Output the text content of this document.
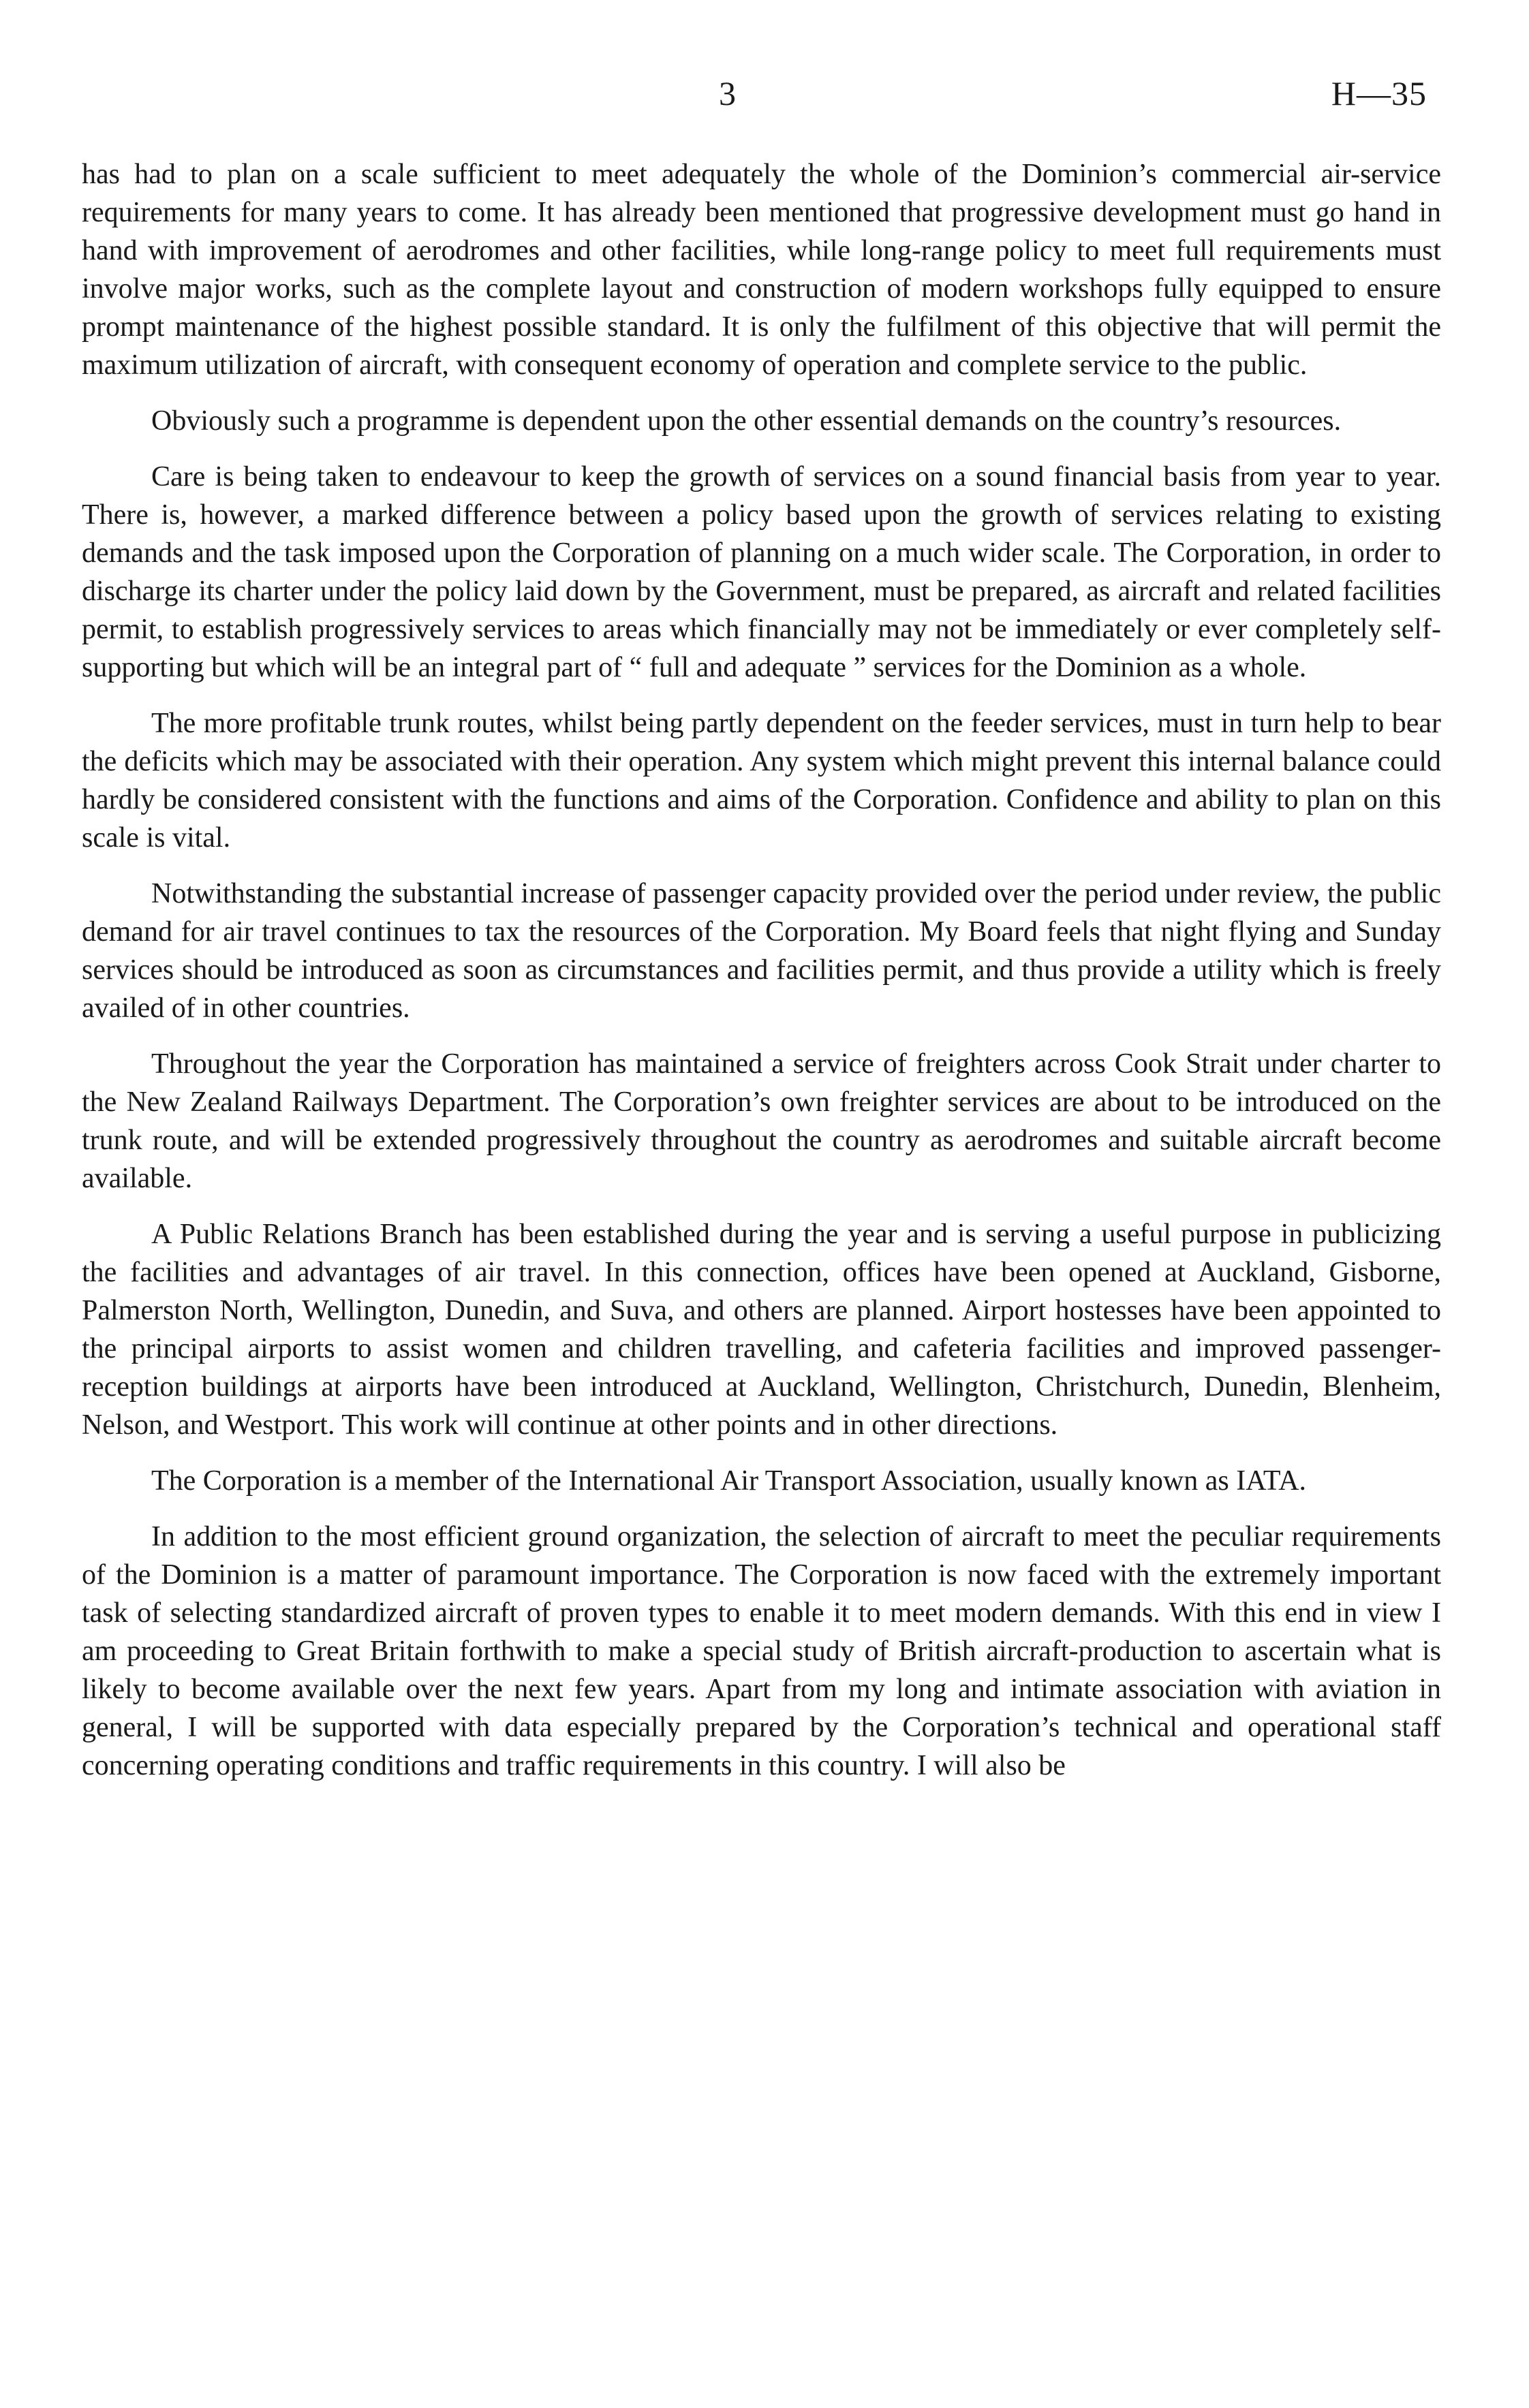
3	H—35

has had to plan on a scale sufficient to meet adequately the whole of the Dominion’s commercial air-service requirements for many years to come. It has already been mentioned that progressive development must go hand in hand with improvement of aerodromes and other facilities, while long-range policy to meet full requirements must involve major works, such as the complete layout and construction of modern workshops fully equipped to ensure prompt maintenance of the highest possible standard. It is only the fulfilment of this objective that will permit the maximum utilization of aircraft, with consequent economy of operation and complete service to the public.

Obviously such a programme is dependent upon the other essential demands on the country’s resources.

Care is being taken to endeavour to keep the growth of services on a sound financial basis from year to year. There is, however, a marked difference between a policy based upon the growth of services relating to existing demands and the task imposed upon the Corporation of planning on a much wider scale. The Corporation, in order to discharge its charter under the policy laid down by the Government, must be prepared, as aircraft and related facilities permit, to establish progressively services to areas which financially may not be immediately or ever completely self-supporting but which will be an integral part of “ full and adequate ” services for the Dominion as a whole.

The more profitable trunk routes, whilst being partly dependent on the feeder services, must in turn help to bear the deficits which may be associated with their operation. Any system which might prevent this internal balance could hardly be considered consistent with the functions and aims of the Corporation. Confidence and ability to plan on this scale is vital.

Notwithstanding the substantial increase of passenger capacity provided over the period under review, the public demand for air travel continues to tax the resources of the Corporation. My Board feels that night flying and Sunday services should be introduced as soon as circumstances and facilities permit, and thus provide a utility which is freely availed of in other countries.

Throughout the year the Corporation has maintained a service of freighters across Cook Strait under charter to the New Zealand Railways Department. The Corporation’s own freighter services are about to be introduced on the trunk route, and will be extended progressively throughout the country as aerodromes and suitable aircraft become available.

A Public Relations Branch has been established during the year and is serving a useful purpose in publicizing the facilities and advantages of air travel. In this connection, offices have been opened at Auckland, Gisborne, Palmerston North, Wellington, Dunedin, and Suva, and others are planned. Airport hostesses have been appointed to the principal airports to assist women and children travelling, and cafeteria facilities and improved passenger-reception buildings at airports have been introduced at Auckland, Wellington, Christchurch, Dunedin, Blenheim, Nelson, and Westport. This work will continue at other points and in other directions.

The Corporation is a member of the International Air Transport Association, usually known as IATA.

In addition to the most efficient ground organization, the selection of aircraft to meet the peculiar requirements of the Dominion is a matter of paramount importance. The Corporation is now faced with the extremely important task of selecting standardized aircraft of proven types to enable it to meet modern demands. With this end in view I am proceeding to Great Britain forthwith to make a special study of British aircraft-production to ascertain what is likely to become available over the next few years. Apart from my long and intimate association with aviation in general, I will be supported with data especially prepared by the Corporation’s technical and operational staff concerning operating conditions and traffic requirements in this country. I will also be
